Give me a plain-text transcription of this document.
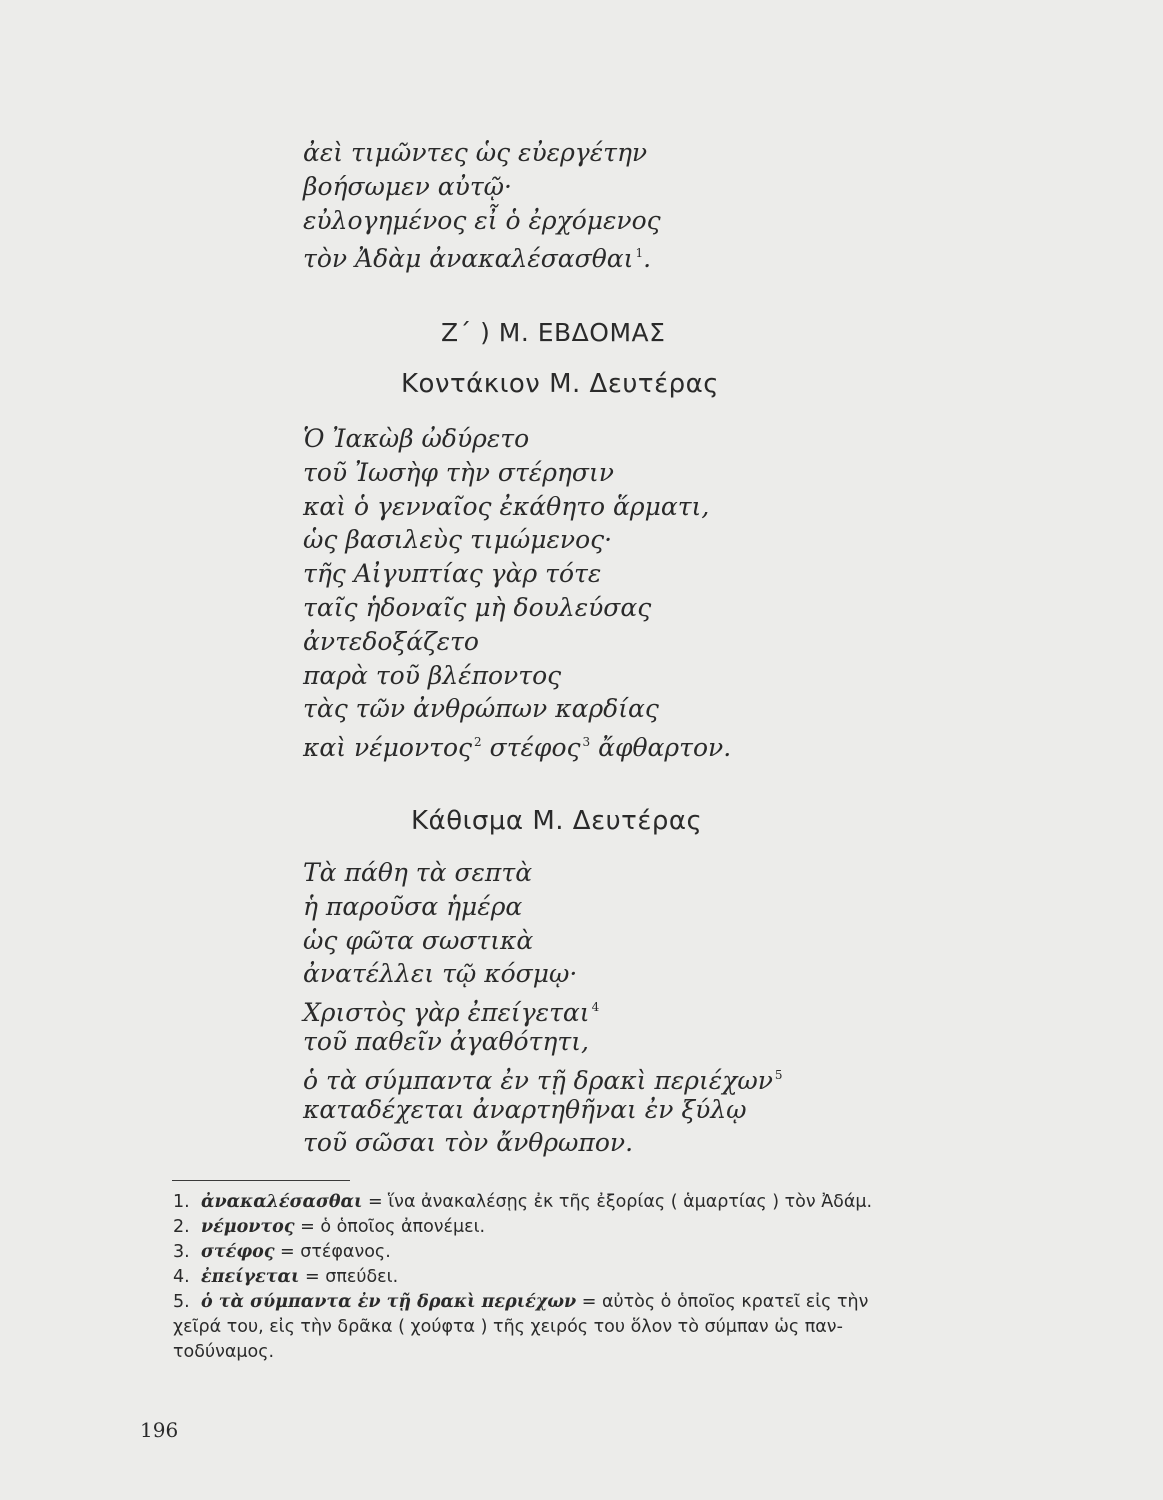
ἀεὶ τιμῶντες ὡς εὐεργέτην
βοήσωμεν αὐτῷ·
εὐλογημένος εἶ ὁ ἐρχόμενος
τὸν Ἀδὰμ ἀνακαλέσασθαι $^1$.
Ζ΄ ) Μ. ΕΒΔΟΜΑΣ
Κοντάκιον Μ. Δευτέρας
Ὁ Ἰακὼβ ὠδύρετο
τοῦ Ἰωσὴφ τὴν στέρησιν
καὶ ὁ γενναῖος ἐκάθητο ἅρματι,
ὡς βασιλεὺς τιμώμενος·
τῆς Αἰγυπτίας γὰρ τότε
ταῖς ἡδοναῖς μὴ δουλεύσας
ἀντεδοξάζετο
παρὰ τοῦ βλέποντος
τὰς τῶν ἀνθρώπων καρδίας
καὶ νέμοντος $^2$ στέφος $^3$ ἄφθαρτον.
Κάθισμα Μ. Δευτέρας
Τὰ πάθη τὰ σεπτὰ
ἡ παροῦσα ἡμέρα
ὡς φῶτα σωστικὰ
ἀνατέλλει τῷ κόσμῳ·
Χριστὸς γὰρ ἐπείγεται $^4$
τοῦ παθεῖν ἀγαθότητι,
ὁ τὰ σύμπαντα ἐν τῇ δρακὶ περιέχων $^5$
καταδέχεται ἀναρτηθῆναι ἐν ξύλῳ
τοῦ σῶσαι τὸν ἄνθρωπον.
1. ἀνακαλέσασθαι = ἵνα ἀνακαλέσῃς ἐκ τῆς ἐξορίας ( ἁμαρτίας ) τὸν Ἀδάμ.
2. νέμοντος = ὁ ὁποῖος ἀπονέμει.
3. στέφος = στέφανος.
4. ἐπείγεται = σπεύδει.
5. ὁ τὰ σύμπαντα ἐν τῇ δρακὶ περιέχων = αὐτὸς ὁ ὁποῖος κρατεῖ εἰς τὴν
χεῖρά του, εἰς τὴν δρᾶκα ( χούφτα ) τῆς χειρός του ὅλον τὸ σύμπαν ὡς παν-
τοδύναμος.
196
